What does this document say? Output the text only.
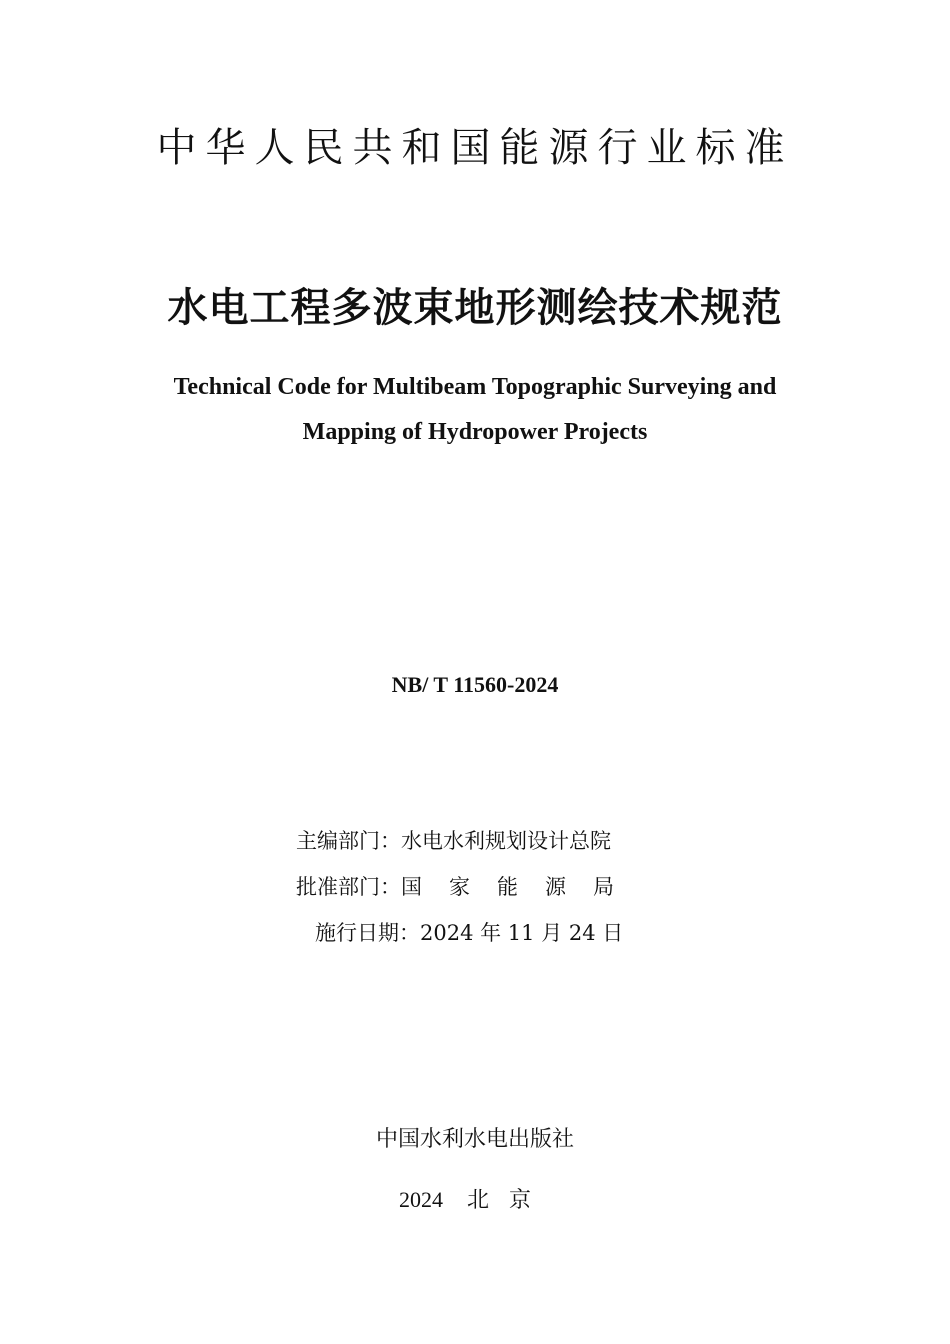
中华人民共和国能源行业标准
水电工程多波束地形测绘技术规范
Technical Code for Multibeam Topographic Surveying and
Mapping of Hydropower Projects
NB/ T 11560-2024
主编部门：水电水利规划设计总院
批准部门：国家能源局
施行日期：2024 年 11 月 24 日
中国水利水电出版社
2024 北京
